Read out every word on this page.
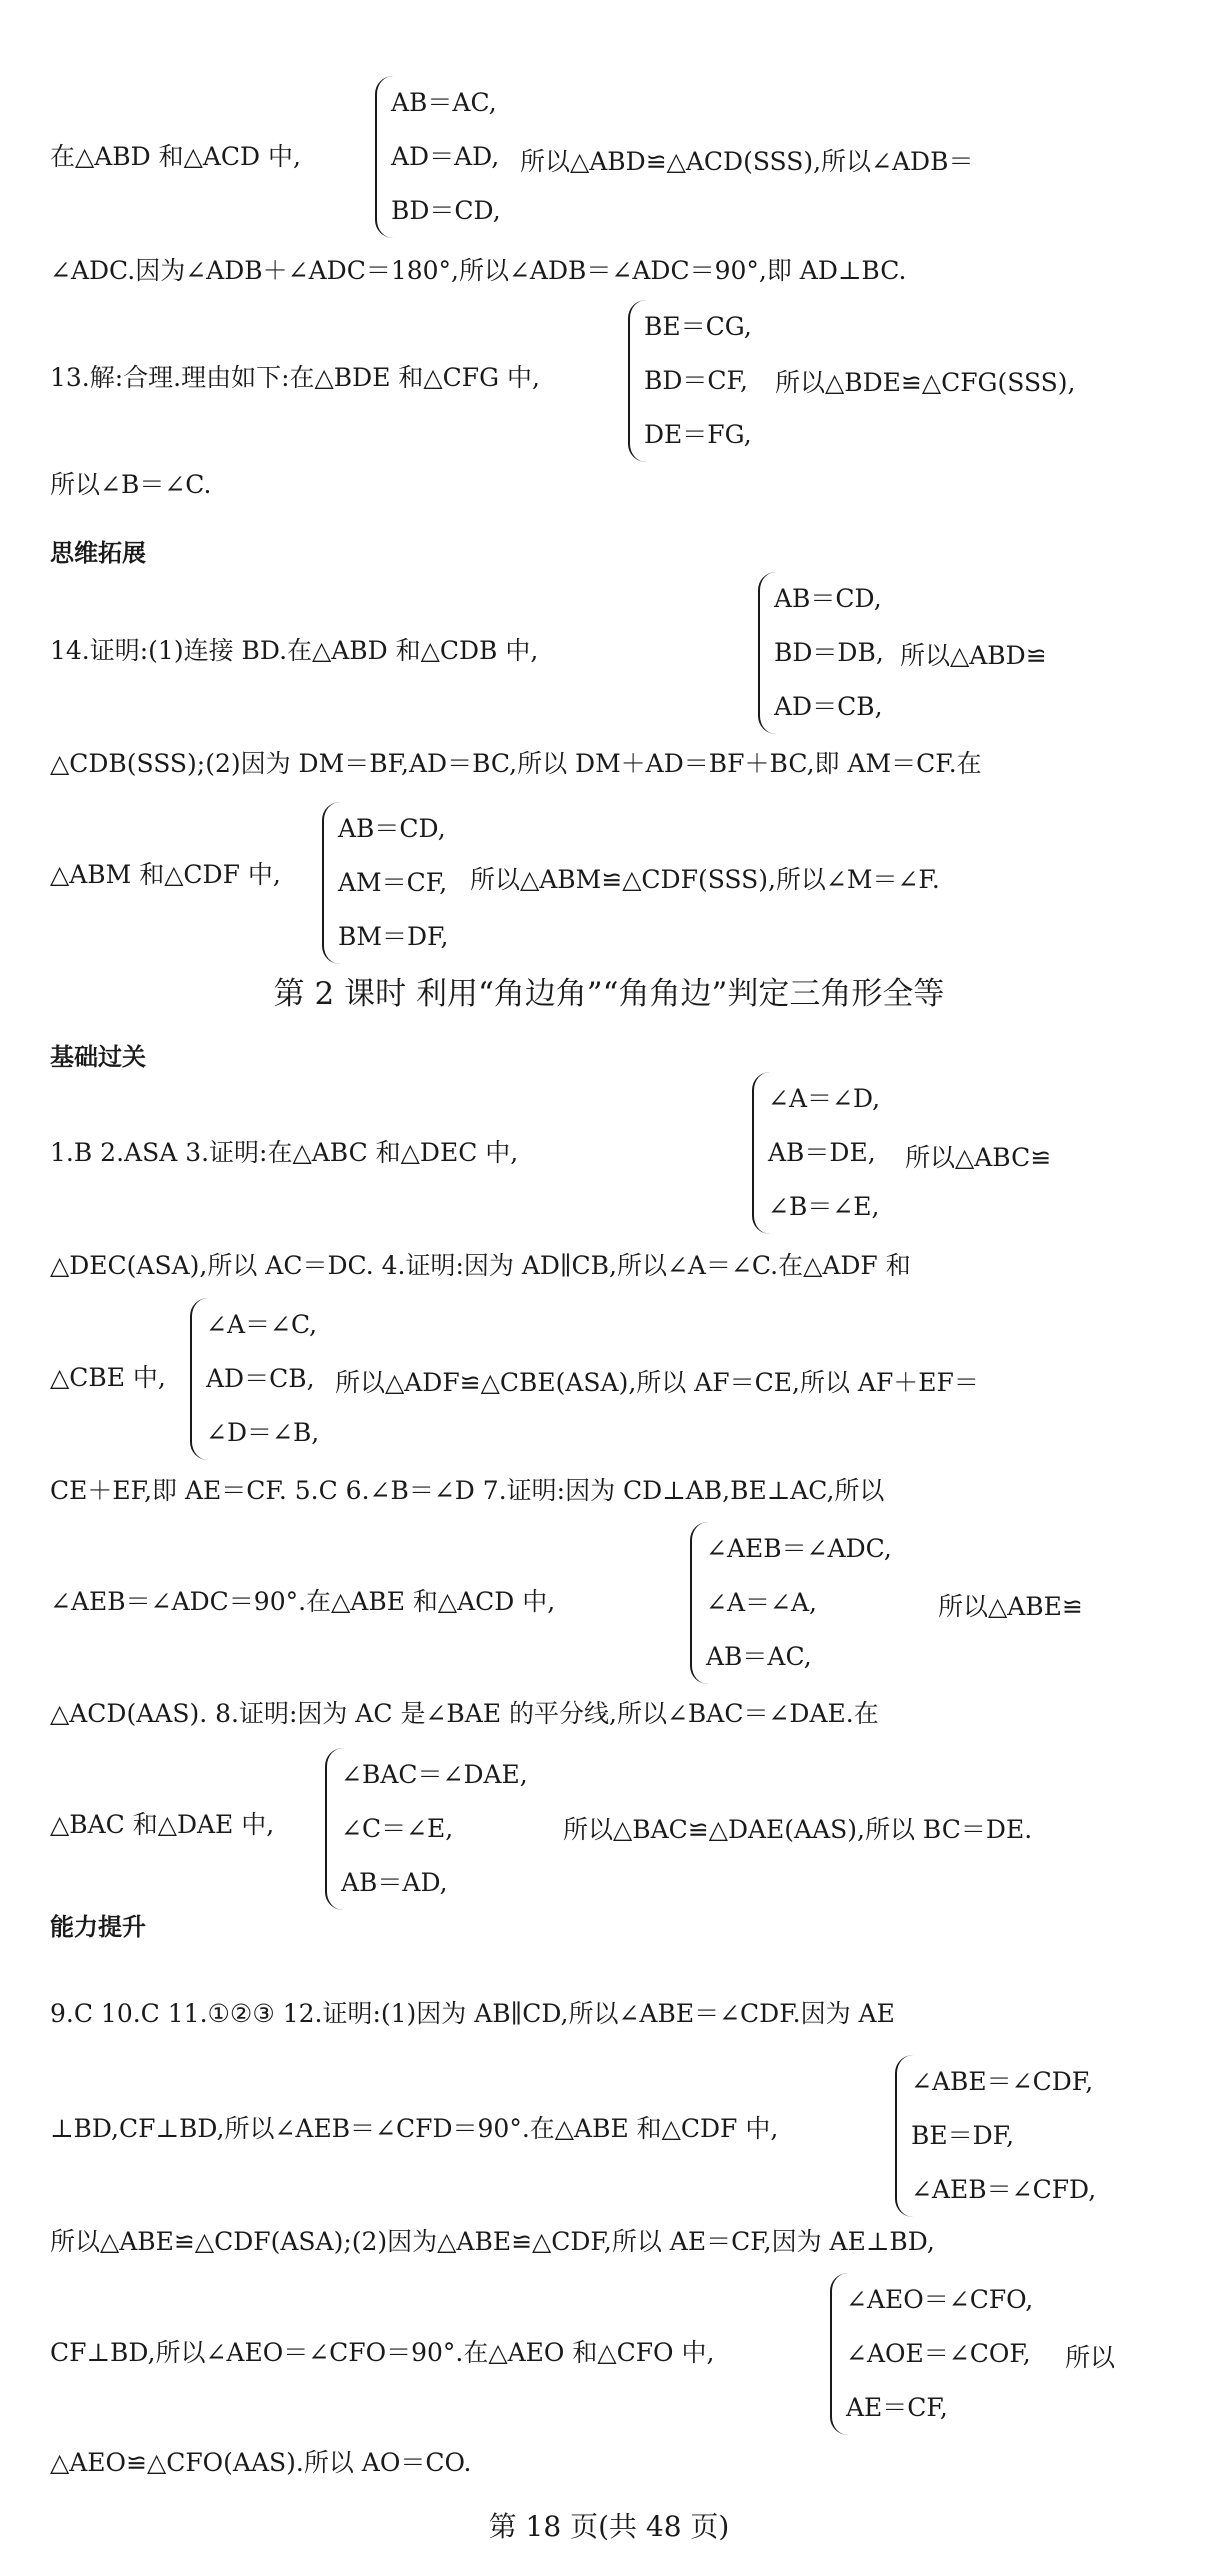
在△ABD 和△ACD 中,
AB＝AC,
AD＝AD,
BD＝CD,
所以△ABD≌△ACD(SSS),所以∠ADB＝
∠ADC.因为∠ADB＋∠ADC＝180°,所以∠ADB＝∠ADC＝90°,即 AD⊥BC.
13.解:合理.理由如下:在△BDE 和△CFG 中,
BE＝CG,
BD＝CF,
DE＝FG,
所以△BDE≌△CFG(SSS),
所以∠B＝∠C.
思维拓展
14.证明:(1)连接 BD.在△ABD 和△CDB 中,
AB＝CD,
BD＝DB,
AD＝CB,
所以△ABD≌
△CDB(SSS);(2)因为 DM＝BF,AD＝BC,所以 DM＋AD＝BF＋BC,即 AM＝CF.在
△ABM 和△CDF 中,
AB＝CD,
AM＝CF,
BM＝DF,
所以△ABM≌△CDF(SSS),所以∠M＝∠F.
第 2 课时 利用“角边角”“角角边”判定三角形全等
基础过关
1.B 2.ASA 3.证明:在△ABC 和△DEC 中,
∠A＝∠D,
AB＝DE,
∠B＝∠E,
所以△ABC≌
△DEC(ASA),所以 AC＝DC. 4.证明:因为 AD∥CB,所以∠A＝∠C.在△ADF 和
△CBE 中,
∠A＝∠C,
AD＝CB,
∠D＝∠B,
所以△ADF≌△CBE(ASA),所以 AF＝CE,所以 AF＋EF＝
CE＋EF,即 AE＝CF. 5.C 6.∠B＝∠D 7.证明:因为 CD⊥AB,BE⊥AC,所以
∠AEB＝∠ADC＝90°.在△ABE 和△ACD 中,
∠AEB＝∠ADC,
∠A＝∠A,
AB＝AC,
所以△ABE≌
△ACD(AAS). 8.证明:因为 AC 是∠BAE 的平分线,所以∠BAC＝∠DAE.在
△BAC 和△DAE 中,
∠BAC＝∠DAE,
∠C＝∠E,
AB＝AD,
所以△BAC≌△DAE(AAS),所以 BC＝DE.
能力提升
9.C 10.C 11.①②③ 12.证明:(1)因为 AB∥CD,所以∠ABE＝∠CDF.因为 AE
⊥BD,CF⊥BD,所以∠AEB＝∠CFD＝90°.在△ABE 和△CDF 中,
∠ABE＝∠CDF,
BE＝DF,
∠AEB＝∠CFD,
所以△ABE≌△CDF(ASA);(2)因为△ABE≌△CDF,所以 AE＝CF,因为 AE⊥BD,
CF⊥BD,所以∠AEO＝∠CFO＝90°.在△AEO 和△CFO 中,
∠AEO＝∠CFO,
∠AOE＝∠COF,
AE＝CF,
所以
△AEO≌△CFO(AAS).所以 AO＝CO.
第 18 页(共 48 页)
